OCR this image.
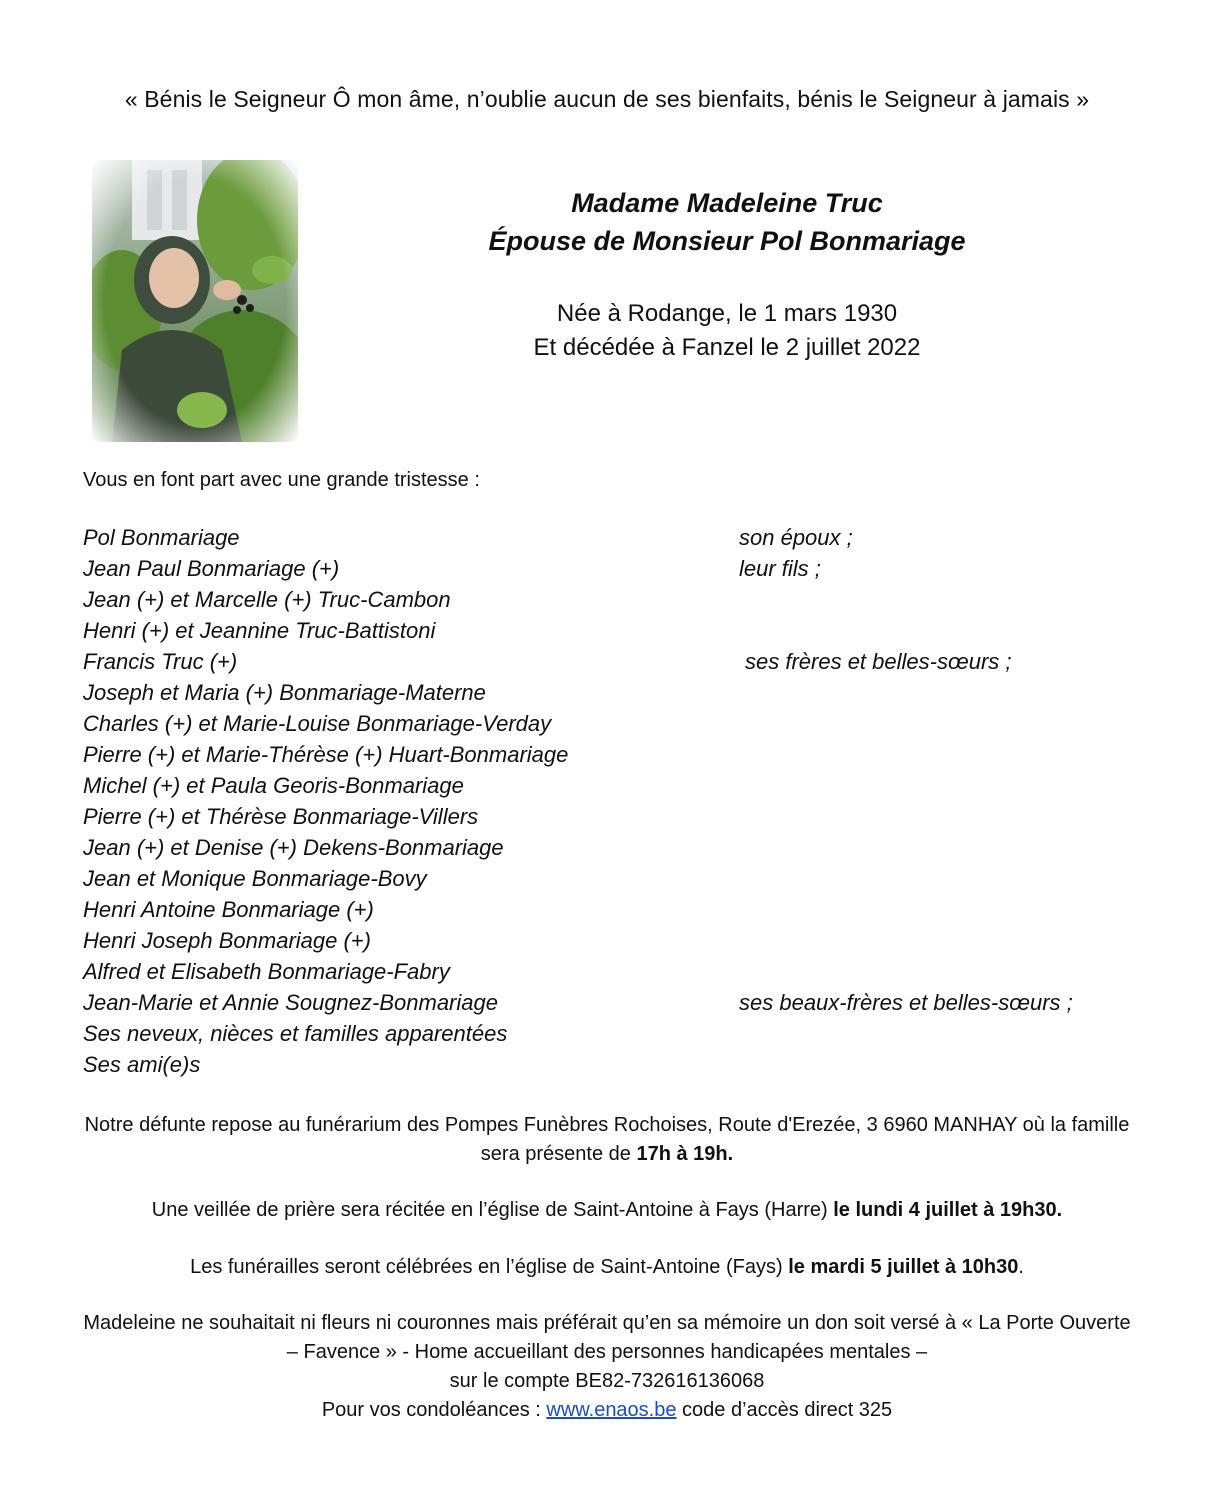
« Bénis le Seigneur Ô mon âme, n’oublie aucun de ses bienfaits, bénis le Seigneur à jamais »
Madame Madeleine Truc
Épouse de Monsieur Pol Bonmariage
Née à Rodange, le 1 mars 1930
Et décédée à Fanzel le 2 juillet 2022
Vous en font part avec une grande tristesse :
Pol Bonmariage	son époux ;
Jean Paul Bonmariage (+)	leur fils ;
Jean (+) et Marcelle (+) Truc-Cambon
Henri (+) et Jeannine Truc-Battistoni
Francis Truc (+)	ses frères et belles-sœurs ;
Joseph et Maria (+) Bonmariage-Materne
Charles (+) et Marie-Louise Bonmariage-Verday
Pierre (+) et Marie-Thérèse (+) Huart-Bonmariage
Michel (+) et Paula Georis-Bonmariage
Pierre (+) et Thérèse Bonmariage-Villers
Jean (+) et Denise (+) Dekens-Bonmariage
Jean et Monique Bonmariage-Bovy
Henri Antoine Bonmariage (+)
Henri Joseph Bonmariage (+)
Alfred et Elisabeth Bonmariage-Fabry
Jean-Marie et Annie Sougnez-Bonmariage	ses beaux-frères et belles-sœurs ;
Ses neveux, nièces et familles apparentées
Ses ami(e)s
Notre défunte repose au funérarium des Pompes Funèbres Rochoises, Route d'Erezée, 3 6960 MANHAY où la famille sera présente de 17h à 19h.
Une veillée de prière sera récitée en l’église de Saint-Antoine à Fays (Harre) le lundi 4 juillet à 19h30.
Les funérailles seront célébrées en l’église de Saint-Antoine (Fays) le mardi 5 juillet à 10h30.
Madeleine ne souhaitait ni fleurs ni couronnes mais préférait qu’en sa mémoire un don soit versé à « La Porte Ouverte – Favence » - Home accueillant des personnes handicapées mentales –
sur le compte BE82-732616136068
Pour vos condoléances : www.enaos.be code d’accès direct 325
